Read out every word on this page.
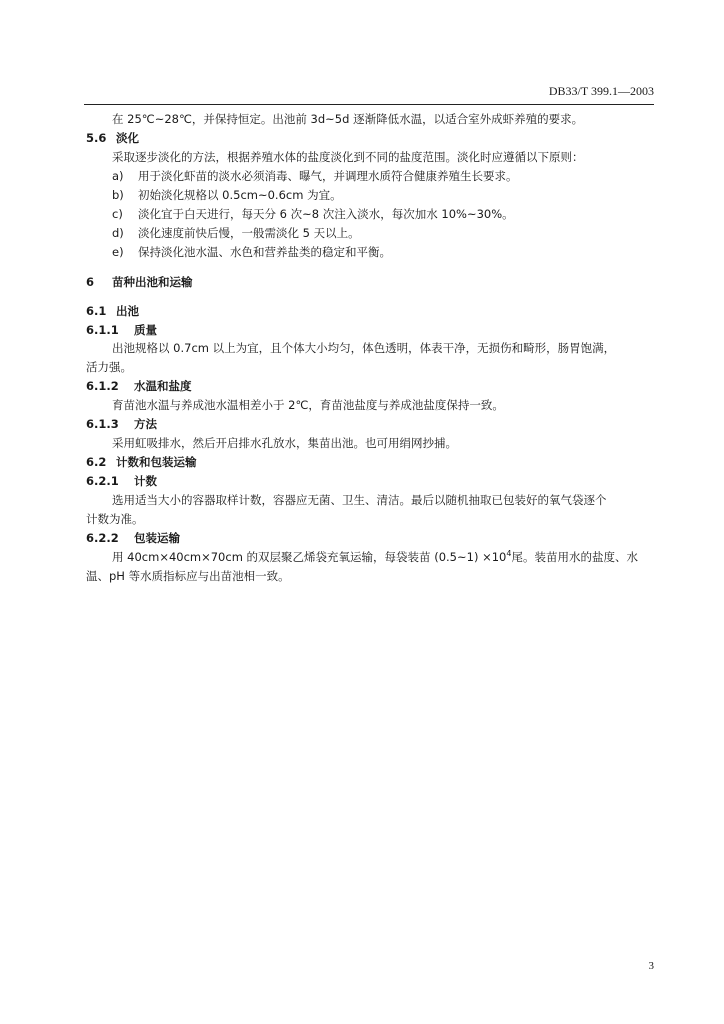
DB33/T 399.1—2003
在 25℃~28℃，并保持恒定。出池前 3d~5d 逐渐降低水温，以适合室外成虾养殖的要求。
5.6 淡化
采取逐步淡化的方法，根据养殖水体的盐度淡化到不同的盐度范围。淡化时应遵循以下原则：
a) 用于淡化虾苗的淡水必须消毒、曝气，并调理水质符合健康养殖生长要求。
b) 初始淡化规格以 0.5cm~0.6cm 为宜。
c) 淡化宜于白天进行，每天分 6 次~8 次注入淡水，每次加水 10%~30%。
d) 淡化速度前快后慢，一般需淡化 5 天以上。
e) 保持淡化池水温、水色和营养盐类的稳定和平衡。
6 苗种出池和运输
6.1 出池
6.1.1 质量
出池规格以 0.7cm 以上为宜，且个体大小均匀，体色透明，体表干净，无损伤和畸形，肠胃饱满，
活力强。
6.1.2 水温和盐度
育苗池水温与养成池水温相差小于 2℃，育苗池盐度与养成池盐度保持一致。
6.1.3 方法
采用虹吸排水，然后开启排水孔放水，集苗出池。也可用绢网抄捕。
6.2 计数和包装运输
6.2.1 计数
选用适当大小的容器取样计数，容器应无菌、卫生、清洁。最后以随机抽取已包装好的氧气袋逐个
计数为准。
6.2.2 包装运输
用 40cm×40cm×70cm 的双层聚乙烯袋充氧运输，每袋装苗 (0.5~1) $\times 10^4$尾。装苗用水的盐度、水
温、pH 等水质指标应与出苗池相一致。
3
